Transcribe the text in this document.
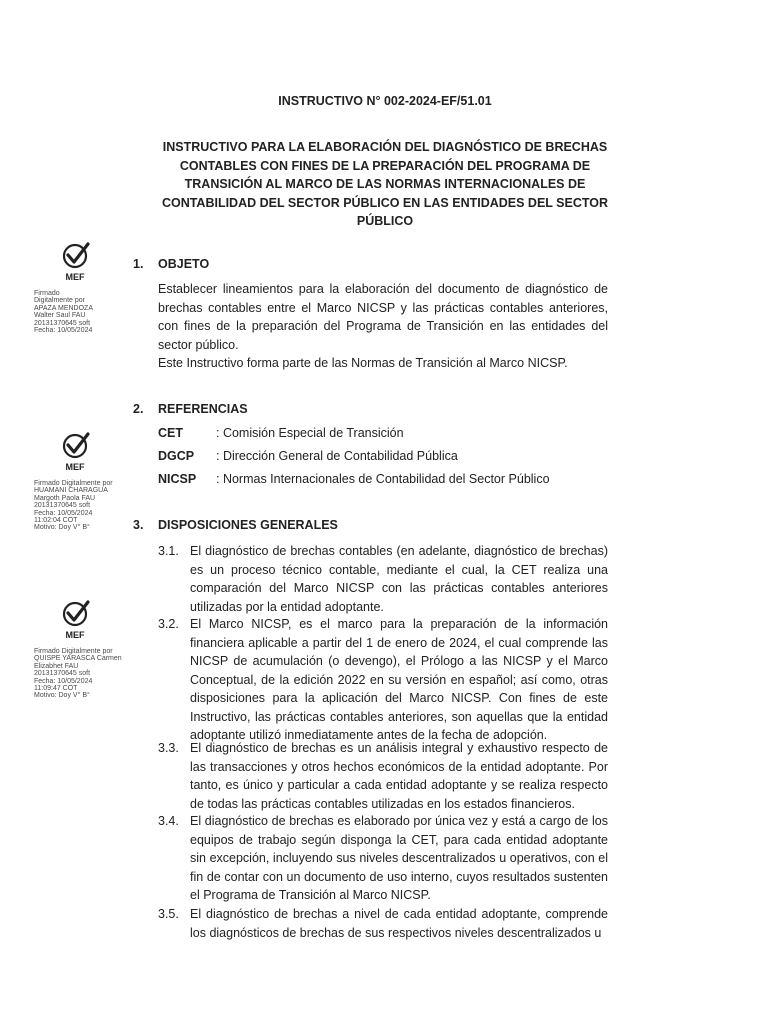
INSTRUCTIVO N° 002-2024-EF/51.01
INSTRUCTIVO PARA LA ELABORACIÓN DEL DIAGNÓSTICO DE BRECHAS CONTABLES CON FINES DE LA PREPARACIÓN DEL PROGRAMA DE TRANSICIÓN AL MARCO DE LAS NORMAS INTERNACIONALES DE CONTABILIDAD DEL SECTOR PÚBLICO EN LAS ENTIDADES DEL SECTOR PÚBLICO
MEF
Firmado
Digitalmente por
APAZA MENDOZA
Walter Saul FAU
20131370645 soft
Fecha: 10/05/2024
MEF
Firmado Digitalmente por
HUAMANI CHARAGUA
Margoth Paola FAU
20131370645 soft
Fecha: 10/05/2024
11:02:04 COT
Motivo: Doy V° B°
MEF
Firmado Digitalmente por
QUISPE YARASCA Carmen
Elizabhet FAU
20131370645 soft
Fecha: 10/05/2024
11:09:47 COT
Motivo: Doy V° B°
1. OBJETO
Establecer lineamientos para la elaboración del documento de diagnóstico de brechas contables entre el Marco NICSP y las prácticas contables anteriores, con fines de la preparación del Programa de Transición en las entidades del sector público.
Este Instructivo forma parte de las Normas de Transición al Marco NICSP.
2. REFERENCIAS
CET	: Comisión Especial de Transición
DGCP : Dirección General de Contabilidad Pública
NICSP : Normas Internacionales de Contabilidad del Sector Público
3. DISPOSICIONES GENERALES
3.1. El diagnóstico de brechas contables (en adelante, diagnóstico de brechas) es un proceso técnico contable, mediante el cual, la CET realiza una comparación del Marco NICSP con las prácticas contables anteriores utilizadas por la entidad adoptante.
3.2. El Marco NICSP, es el marco para la preparación de la información financiera aplicable a partir del 1 de enero de 2024, el cual comprende las NICSP de acumulación (o devengo), el Prólogo a las NICSP y el Marco Conceptual, de la edición 2022 en su versión en español; así como, otras disposiciones para la aplicación del Marco NICSP. Con fines de este Instructivo, las prácticas contables anteriores, son aquellas que la entidad adoptante utilizó inmediatamente antes de la fecha de adopción.
3.3. El diagnóstico de brechas es un análisis integral y exhaustivo respecto de las transacciones y otros hechos económicos de la entidad adoptante. Por tanto, es único y particular a cada entidad adoptante y se realiza respecto de todas las prácticas contables utilizadas en los estados financieros.
3.4. El diagnóstico de brechas es elaborado por única vez y está a cargo de los equipos de trabajo según disponga la CET, para cada entidad adoptante sin excepción, incluyendo sus niveles descentralizados u operativos, con el fin de contar con un documento de uso interno, cuyos resultados sustenten el Programa de Transición al Marco NICSP.
3.5. El diagnóstico de brechas a nivel de cada entidad adoptante, comprende los diagnósticos de brechas de sus respectivos niveles descentralizados u
